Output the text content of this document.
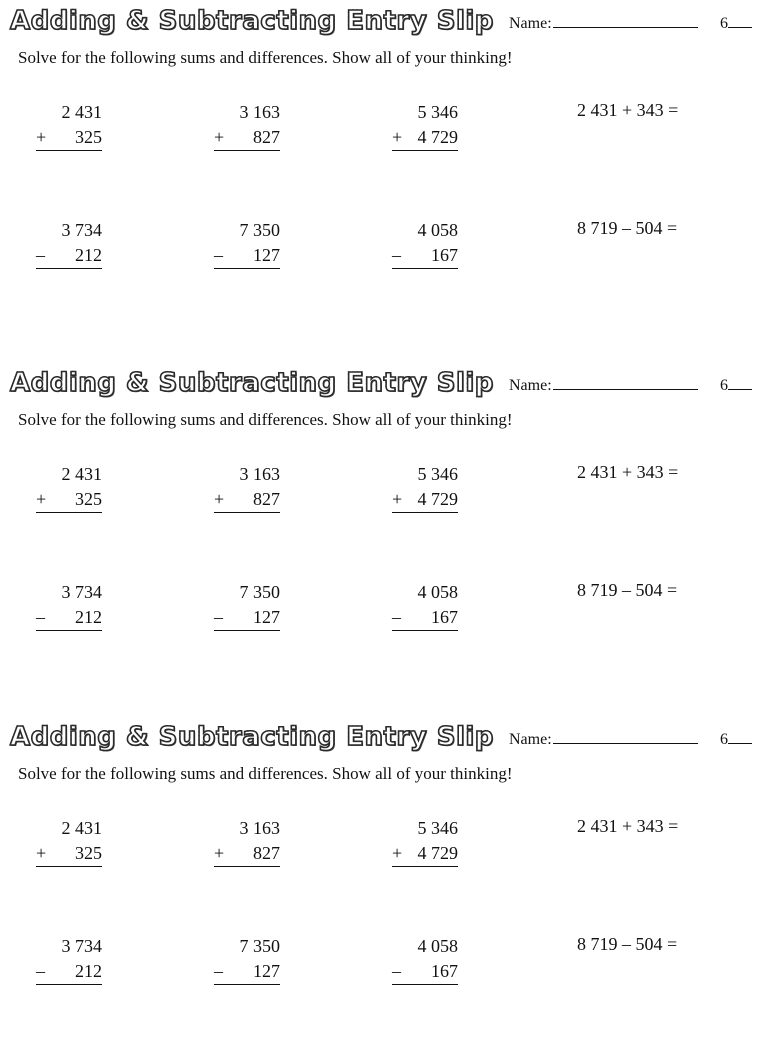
Adding & Subtracting Entry Slip Name:	6

Solve for the following sums and differences. Show all of your thinking!

2 431
+ 325
3 163
+ 827
5 346
+ 4 729
3 734
– 212
7 350
– 127
4 058
– 167
2 431 + 343 =
8 719 – 504 =
Adding & Subtracting Entry Slip Name:	6

Solve for the following sums and differences. Show all of your thinking!

2 431
+ 325
3 163
+ 827
5 346
+ 4 729
3 734
– 212
7 350
– 127
4 058
– 167
2 431 + 343 =
8 719 – 504 =
Adding & Subtracting Entry Slip Name:	6

Solve for the following sums and differences. Show all of your thinking!

2 431
+ 325
3 163
+ 827
5 346
+ 4 729
3 734
– 212
7 350
– 127
4 058
– 167
2 431 + 343 =
8 719 – 504 =
